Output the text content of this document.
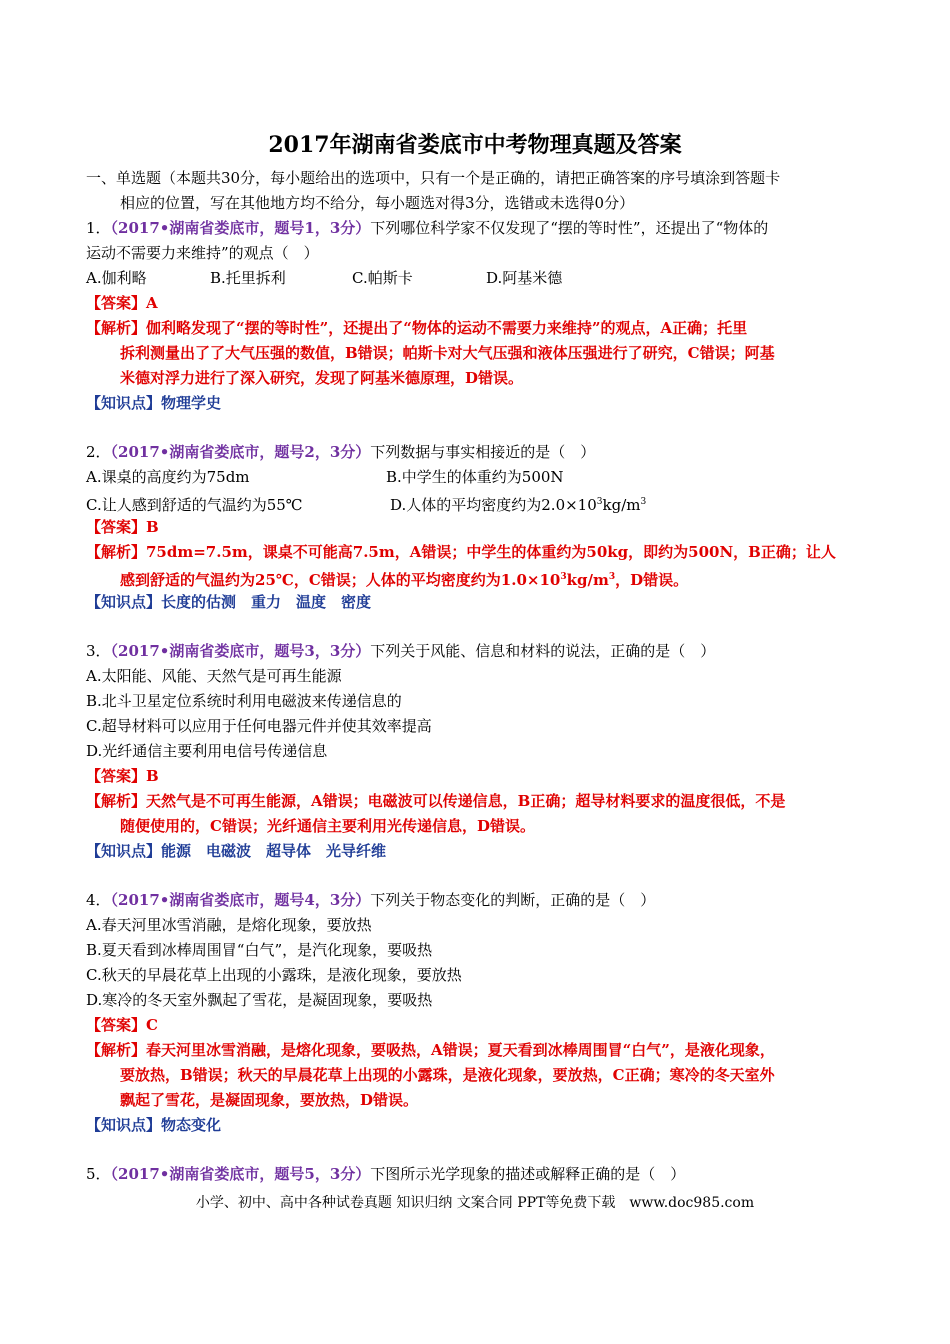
2017年湖南省娄底市中考物理真题及答案
一、单选题（本题共30分，每小题给出的选项中，只有一个是正确的，请把正确答案的序号填涂到答题卡
相应的位置，写在其他地方均不给分，每小题选对得3分，选错或未选得0分）
1．（2017•湖南省娄底市，题号1，3分）下列哪位科学家不仅发现了“摆的等时性”，还提出了“物体的
运动不需要力来维持”的观点（　）
A.伽利略	B.托里拆利	C.帕斯卡	D.阿基米德
【答案】A
【解析】伽利略发现了“摆的等时性”，还提出了“物体的运动不需要力来维持”的观点，A正确；托里
拆利测量出了了大气压强的数值，B错误；帕斯卡对大气压强和液体压强进行了研究，C错误；阿基
米德对浮力进行了深入研究，发现了阿基米德原理，D错误。
【知识点】物理学史
2．（2017•湖南省娄底市，题号2，3分）下列数据与事实相接近的是（　）
A.课桌的高度约为75dm	B.中学生的体重约为500N
C.让人感到舒适的气温约为55℃	D.人体的平均密度约为$2.0\times 10^3kg/m^3$
【答案】B
【解析】75dm=7.5m，课桌不可能高7.5m，A错误；中学生的体重约为50kg，即约为500N，B正确；让人
感到舒适的气温约为25℃，C错误；人体的平均密度约为$1.0\times 10^3kg/m^3$，D错误。
【知识点】长度的估测　重力　温度　密度
3．（2017•湖南省娄底市，题号3，3分）下列关于风能、信息和材料的说法，正确的是（　）
A.太阳能、风能、天然气是可再生能源
B.北斗卫星定位系统时利用电磁波来传递信息的
C.超导材料可以应用于任何电器元件并使其效率提高
D.光纤通信主要利用电信号传递信息
【答案】B
【解析】天然气是不可再生能源，A错误；电磁波可以传递信息，B正确；超导材料要求的温度很低，不是
随便使用的，C错误；光纤通信主要利用光传递信息，D错误。
【知识点】能源　电磁波　超导体　光导纤维
4．（2017•湖南省娄底市，题号4，3分）下列关于物态变化的判断，正确的是（　）
A.春天河里冰雪消融，是熔化现象，要放热
B.夏天看到冰棒周围冒“白气”，是汽化现象，要吸热
C.秋天的早晨花草上出现的小露珠，是液化现象，要放热
D.寒冷的冬天室外飘起了雪花，是凝固现象，要吸热
【答案】C
【解析】春天河里冰雪消融，是熔化现象，要吸热，A错误；夏天看到冰棒周围冒“白气”，是液化现象，
要放热，B错误；秋天的早晨花草上出现的小露珠，是液化现象，要放热，C正确；寒冷的冬天室外
飘起了雪花，是凝固现象，要放热，D错误。
【知识点】物态变化
5．（2017•湖南省娄底市，题号5，3分）下图所示光学现象的描述或解释正确的是（　）
小学、初中、高中各种试卷真题 知识归纳 文案合同 PPT等免费下载　www.doc985.com
